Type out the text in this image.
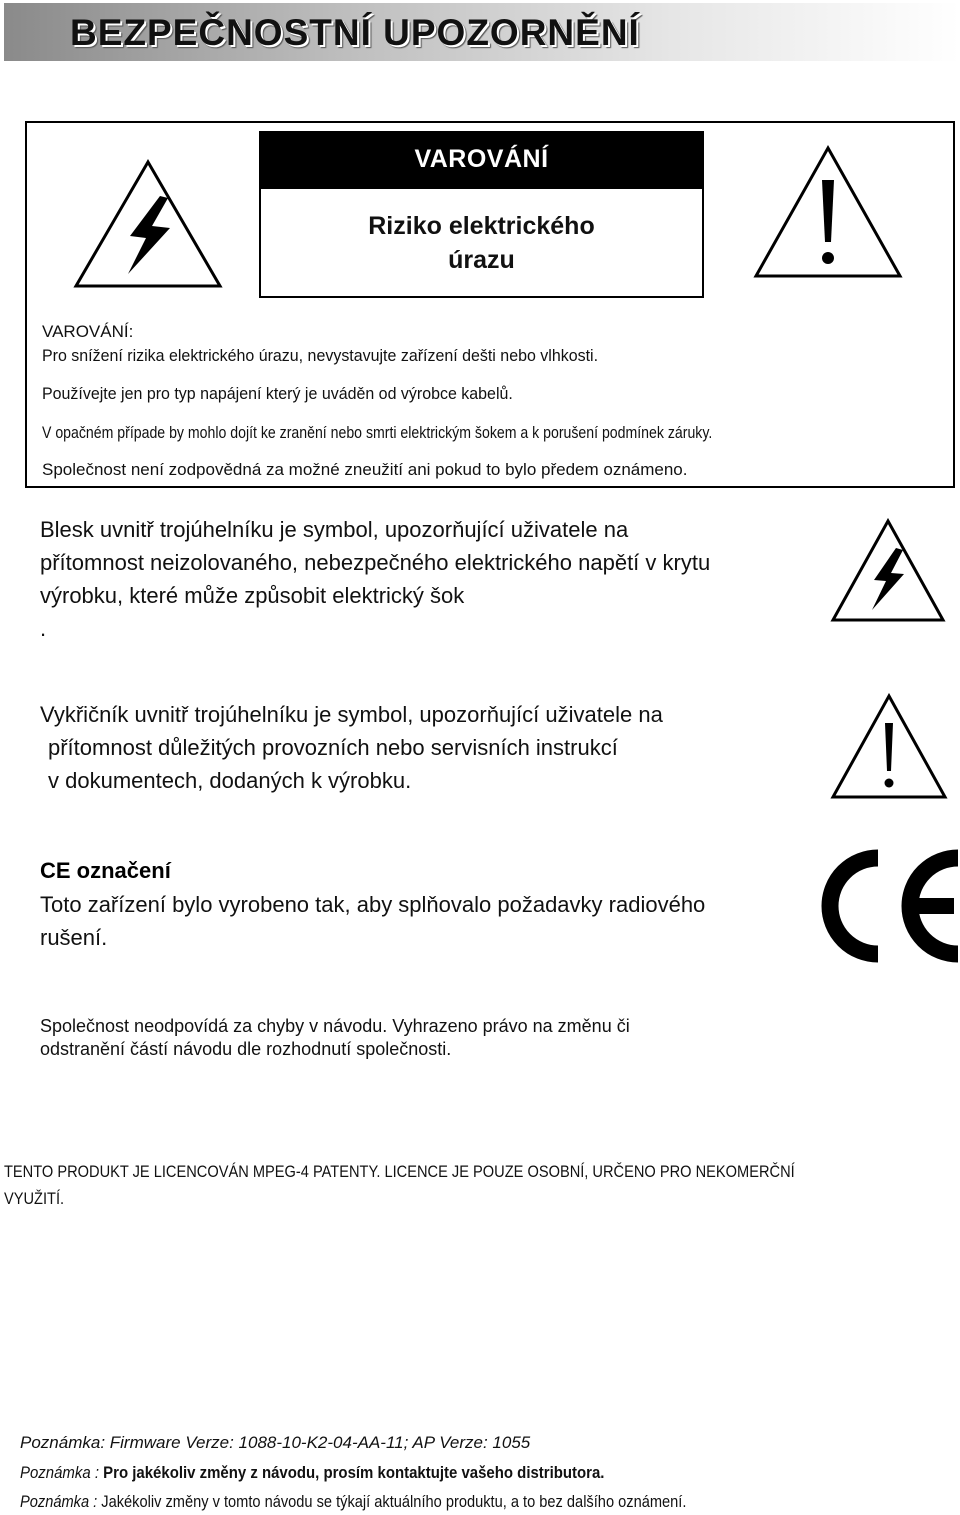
BEZPEČNOSTNÍ UPOZORNĚNÍ
VAROVÁNÍ
Riziko elektrického
úrazu
VAROVÁNÍ:
Pro snížení rizika elektrického úrazu, nevystavujte zařízení dešti nebo vlhkosti.
Používejte jen pro typ napájení který je uváděn od výrobce kabelů.
V opačném případe by mohlo dojít ke zranění nebo smrti elektrickým šokem a k porušení podmínek záruky.
Společnost není zodpovědná za možné zneužití ani pokud to bylo předem oznámeno.
Blesk uvnitř trojúhelníku je symbol, upozorňující uživatele na
přítomnost neizolovaného, nebezpečného elektrického napětí v krytu
výrobku, které může způsobit elektrický šok
.
Vykřičník uvnitř trojúhelníku je symbol, upozorňující uživatele na
přítomnost důležitých provozních nebo servisních instrukcí
v dokumentech, dodaných k výrobku.
CE označení
Toto zařízení bylo vyrobeno tak, aby splňovalo požadavky radiového
rušení.
Společnost neodpovídá za chyby v návodu. Vyhrazeno právo na změnu či
odstranění částí návodu dle rozhodnutí společnosti.
TENTO PRODUKT JE LICENCOVÁN MPEG-4 PATENTY. LICENCE JE POUZE OSOBNÍ, URČENO PRO NEKOMERČNÍ
VYUŽITÍ.
Poznámka: Firmware Verze: 1088-10-K2-04-AA-11; AP Verze: 1055
Poznámka : Pro jakékoliv změny z návodu, prosím kontaktujte vašeho distributora.
Poznámka : Jakékoliv změny v tomto návodu se týkají aktuálního produktu, a to bez dalšího oznámení.
